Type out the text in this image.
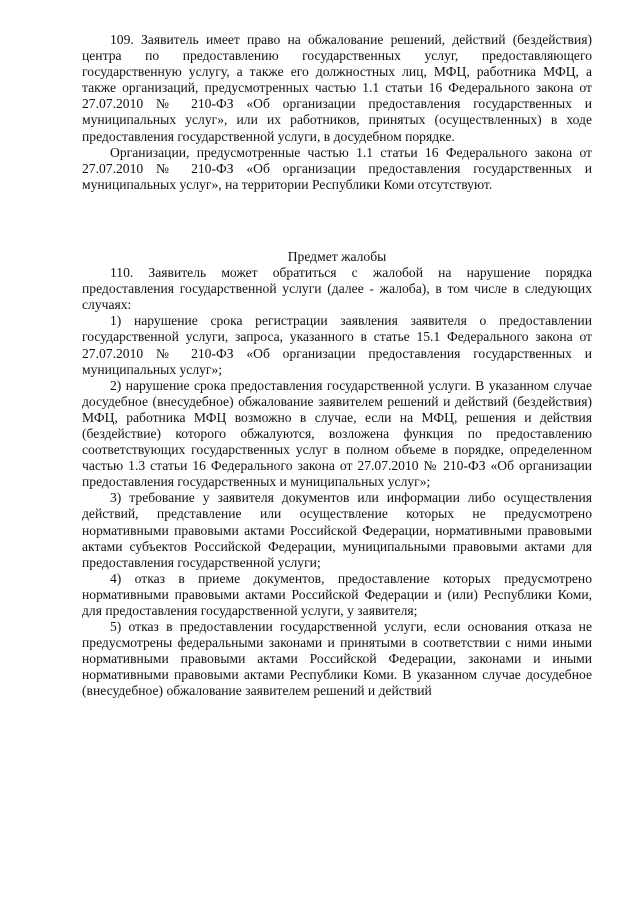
109. Заявитель имеет право на обжалование решений, действий (бездействия) центра по предоставлению государственных услуг, предоставляющего государственную услугу, а также его должностных лиц, МФЦ, работника МФЦ, а также организаций, предусмотренных частью 1.1 статьи 16 Федерального закона от 27.07.2010 № 210-ФЗ «Об организации предоставления государственных и муниципальных услуг», или их работников, принятых (осуществленных) в ходе предоставления государственной услуги, в досудебном порядке.

Организации, предусмотренные частью 1.1 статьи 16 Федерального закона от 27.07.2010 № 210-ФЗ «Об организации предоставления государственных и муниципальных услуг», на территории Республики Коми отсутствуют.

Предмет жалобы

110. Заявитель может обратиться с жалобой на нарушение порядка предоставления государственной услуги (далее - жалоба), в том числе в следующих случаях:

1) нарушение срока регистрации заявления заявителя о предоставлении государственной услуги, запроса, указанного в статье 15.1 Федерального закона от 27.07.2010 № 210-ФЗ «Об организации предоставления государственных и муниципальных услуг»;

2) нарушение срока предоставления государственной услуги. В указанном случае досудебное (внесудебное) обжалование заявителем решений и действий (бездействия) МФЦ, работника МФЦ возможно в случае, если на МФЦ, решения и действия (бездействие) которого обжалуются, возложена функция по предоставлению соответствующих государственных услуг в полном объеме в порядке, определенном частью 1.3 статьи 16 Федерального закона от 27.07.2010 № 210-ФЗ «Об организации предоставления государственных и муниципальных услуг»;

3) требование у заявителя документов или информации либо осуществления действий, представление или осуществление которых не предусмотрено нормативными правовыми актами Российской Федерации, нормативными правовыми актами субъектов Российской Федерации, муниципальными правовыми актами для предоставления государственной услуги;

4) отказ в приеме документов, предоставление которых предусмотрено нормативными правовыми актами Российской Федерации и (или) Республики Коми, для предоставления государственной услуги, у заявителя;

5) отказ в предоставлении государственной услуги, если основания отказа не предусмотрены федеральными законами и принятыми в соответствии с ними иными нормативными правовыми актами Российской Федерации, законами и иными нормативными правовыми актами Республики Коми. В указанном случае досудебное (внесудебное) обжалование заявителем решений и действий
